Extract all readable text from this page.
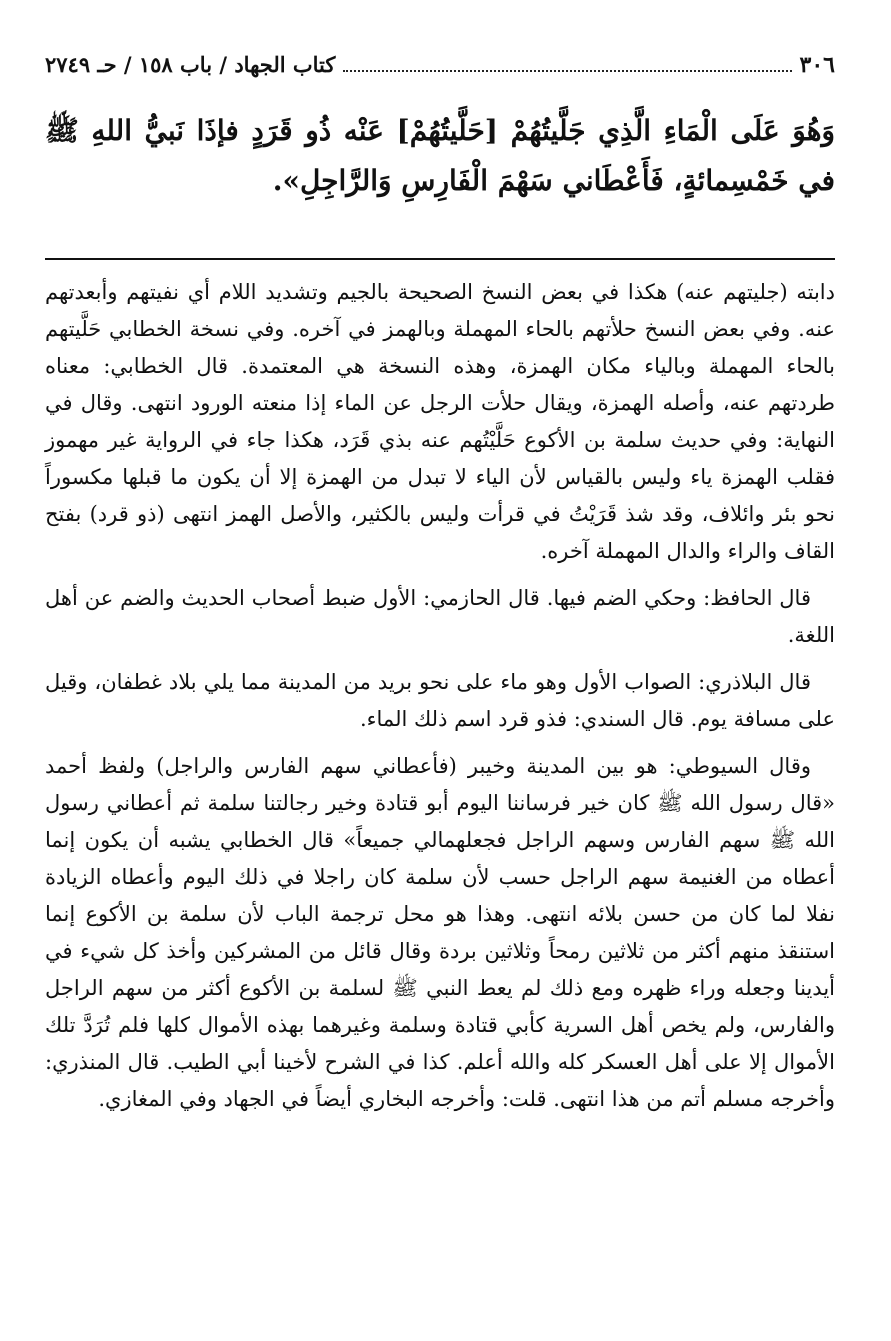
٣٠٦
كتاب الجهاد / باب ١٥٨ / حـ ٢٧٤٩
وَهُوَ عَلَى الْمَاءِ الَّذِي جَلَّيتُهُمْ [حَلَّيتُهُمْ] عَنْه ذُو قَرَدٍ فإذَا نَبيُّ اللهِ ﷺ في خَمْسِمائةٍ، فَأَعْطَاني سَهْمَ الْفَارِسِ وَالرَّاجِلِ».

دابته (جليتهم عنه) هكذا في بعض النسخ الصحيحة بالجيم وتشديد اللام أي نفيتهم وأبعدتهم عنه. وفي بعض النسخ حلأتهم بالحاء المهملة وبالهمز في آخره. وفي نسخة الخطابي حَلَّيتهم بالحاء المهملة وبالياء مكان الهمزة، وهذه النسخة هي المعتمدة. قال الخطابي: معناه طردتهم عنه، وأصله الهمزة، ويقال حلأت الرجل عن الماء إذا منعته الورود انتهى. وقال في النهاية: وفي حديث سلمة بن الأكوع حَلَّيْتُهم عنه بذي قَرَد، هكذا جاء في الرواية غير مهموز فقلب الهمزة ياء وليس بالقياس لأن الياء لا تبدل من الهمزة إلا أن يكون ما قبلها مكسوراً نحو بئر وائلاف، وقد شذ قَرَيْتُ في قرأت وليس بالكثير، والأصل الهمز انتهى (ذو قرد) بفتح القاف والراء والدال المهملة آخره.

قال الحافظ: وحكي الضم فيها. قال الحازمي: الأول ضبط أصحاب الحديث والضم عن أهل اللغة.

قال البلاذري: الصواب الأول وهو ماء على نحو بريد من المدينة مما يلي بلاد غطفان، وقيل على مسافة يوم. قال السندي: فذو قرد اسم ذلك الماء.

وقال السيوطي: هو بين المدينة وخيبر (فأعطاني سهم الفارس والراجل) ولفظ أحمد «قال رسول الله ﷺ كان خير فرساننا اليوم أبو قتادة وخير رجالتنا سلمة ثم أعطاني رسول الله ﷺ سهم الفارس وسهم الراجل فجعلهمالي جميعاً» قال الخطابي يشبه أن يكون إنما أعطاه من الغنيمة سهم الراجل حسب لأن سلمة كان راجلا في ذلك اليوم وأعطاه الزيادة نفلا لما كان من حسن بلائه انتهى. وهذا هو محل ترجمة الباب لأن سلمة بن الأكوع إنما استنقذ منهم أكثر من ثلاثين رمحاً وثلاثين بردة وقال قائل من المشركين وأخذ كل شيء في أيدينا وجعله وراء ظهره ومع ذلك لم يعط النبي ﷺ لسلمة بن الأكوع أكثر من سهم الراجل والفارس، ولم يخص أهل السرية كأبي قتادة وسلمة وغيرهما بهذه الأموال كلها فلم تُرَدَّ تلك الأموال إلا على أهل العسكر كله والله أعلم. كذا في الشرح لأخينا أبي الطيب. قال المنذري: وأخرجه مسلم أتم من هذا انتهى. قلت: وأخرجه البخاري أيضاً في الجهاد وفي المغازي.
